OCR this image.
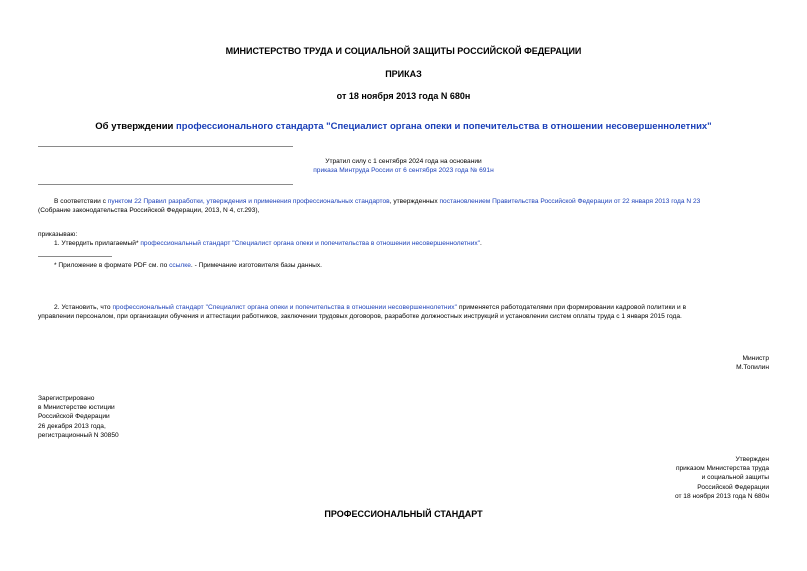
МИНИСТЕРСТВО ТРУДА И СОЦИАЛЬНОЙ ЗАЩИТЫ РОССИЙСКОЙ ФЕДЕРАЦИИ
ПРИКАЗ
от 18 ноября 2013 года N 680н
Об утверждении профессионального стандарта "Специалист органа опеки и попечительства в отношении несовершеннолетних"
Утратил силу с 1 сентября 2024 года на основании
приказа Минтруда России от 6 сентября 2023 года № 691н
В соответствии с пунктом 22 Правил разработки, утверждения и применения профессиональных стандартов, утвержденных постановлением Правительства Российской Федерации от 22 января 2013 года N 23
(Собрание законодательства Российской Федерации, 2013, N 4, ст.293),
приказываю:
1. Утвердить прилагаемый* профессиональный стандарт "Специалист органа опеки и попечительства в отношении несовершеннолетних".
* Приложение в формате PDF см. по ссылке. - Примечание изготовителя базы данных.
2. Установить, что профессиональный стандарт "Специалист органа опеки и попечительства в отношении несовершеннолетних" применяется работодателями при формировании кадровой политики и в
управлении персоналом, при организации обучения и аттестации работников, заключении трудовых договоров, разработке должностных инструкций и установлении систем оплаты труда с 1 января 2015 года.
Министр
М.Топилин
Зарегистрировано
в Министерстве юстиции
Российской Федерации
26 декабря 2013 года,
регистрационный N 30850
Утвержден
приказом Министерства труда
и социальной защиты
Российской Федерации
от 18 ноября 2013 года N 680н
ПРОФЕССИОНАЛЬНЫЙ СТАНДАРТ
